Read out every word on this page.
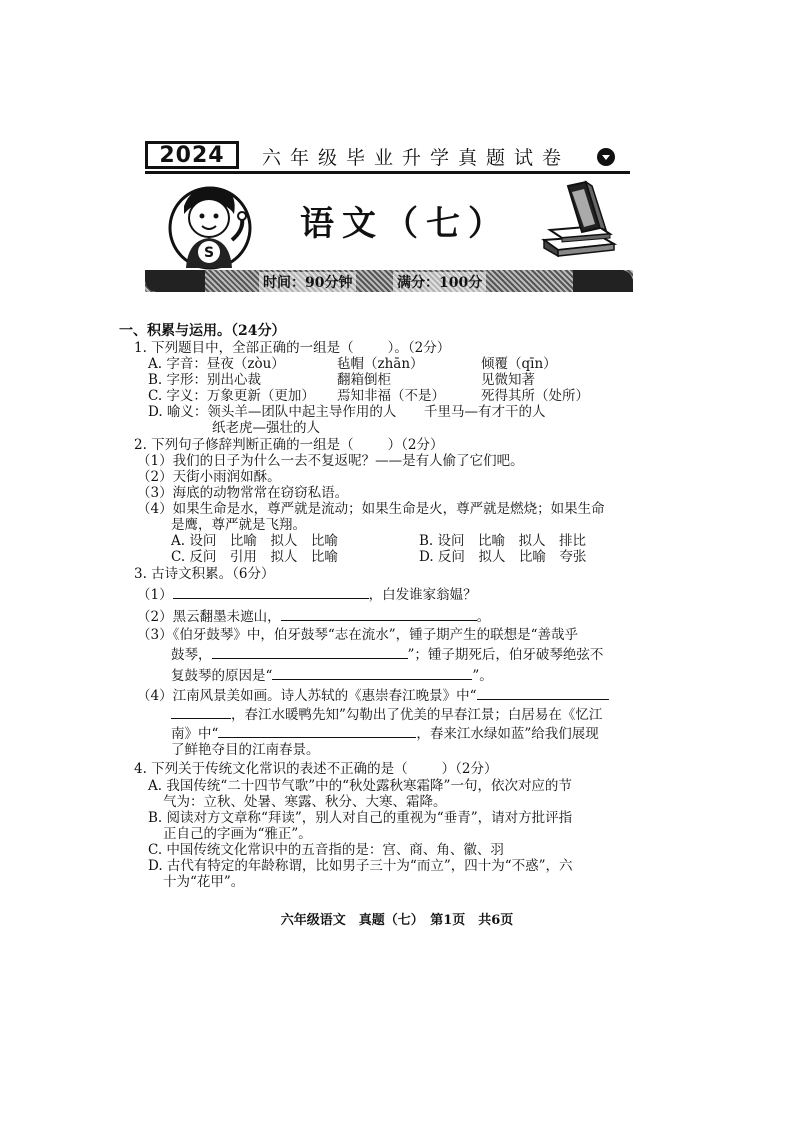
2024 六年级毕业升学真题试卷
S
语文（七）
时间：90分钟	满分：100分
一、积累与运用。（24分）
1. 下列题目中，全部正确的一组是（	）。（2分）
A. 字音：昼夜（zòu）	毡帽（zhān）	倾覆（qīn）
B. 字形：别出心裁	翻箱倒柜	见微知著
C. 字义：万象更新（更加） 焉知非福（不是）	死得其所（处所）
D. 喻义：领头羊—团队中起主导作用的人 千里马—有才干的人
纸老虎—强壮的人
2. 下列句子修辞判断正确的一组是（	）（2分）
（1）我们的日子为什么一去不复返呢？——是有人偷了它们吧。
（2）天街小雨润如酥。
（3）海底的动物常常在窃窃私语。
（4）如果生命是水，尊严就是流动；如果生命是火，尊严就是燃烧；如果生命
是鹰，尊严就是飞翔。
A. 设问　比喻　拟人　比喻	B. 设问　比喻　拟人　排比
C. 反问　引用　拟人　比喻	D. 反问　拟人　比喻　夸张
3. 古诗文积累。（6分）
（1）	，白发谁家翁媪？
（2）黑云翻墨未遮山，	。
（3）《伯牙鼓琴》中，伯牙鼓琴“志在流水”，锺子期产生的联想是“善哉乎
鼓琴，	”；锺子期死后，伯牙破琴绝弦不
复鼓琴的原因是“	”。
（4）江南风景美如画。诗人苏轼的《惠崇春江晚景》中“
，春江水暖鸭先知”勾勒出了优美的早春江景；白居易在《忆江
南》中“	，春来江水绿如蓝”给我们展现
了鲜艳夺目的江南春景。
4. 下列关于传统文化常识的表述不正确的是（	）（2分）
A. 我国传统“二十四节气歌”中的“秋处露秋寒霜降”一句，依次对应的节
气为：立秋、处暑、寒露、秋分、大寒、霜降。
B. 阅读对方文章称“拜读”，别人对自己的重视为“垂青”，请对方批评指
正自己的字画为“雅正”。
C. 中国传统文化常识中的五音指的是：宫、商、角、徽、羽
D. 古代有特定的年龄称谓，比如男子三十为“而立”，四十为“不惑”，六
十为“花甲”。
六年级语文　真题（七）　第1页　共6页
